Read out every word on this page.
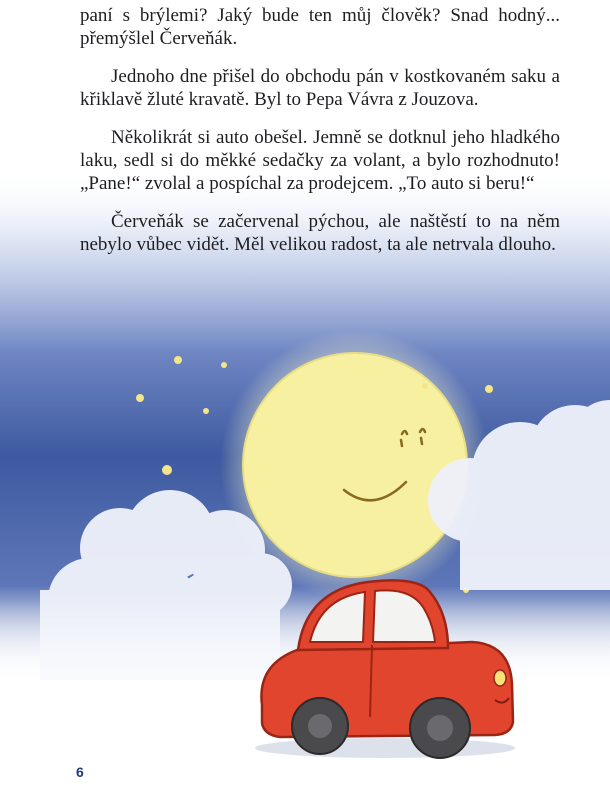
paní s brýlemi? Jaký bude ten můj člověk? Snad hodný... přemýšlel Červeňák.

Jednoho dne přišel do obchodu pán v kostkovaném saku a křiklavě žluté kravatě. Byl to Pepa Vávra z Jouzova.

Několikrát si auto obešel. Jemně se dotknul jeho hladkého laku, sedl si do měkké sedačky za volant, a bylo rozhodnuto! „Pane!“ zvolal a pospíchal za prodejcem. „To auto si beru!“

Červeňák se začervenal pýchou, ale naštěstí to na něm nebylo vůbec vidět. Měl velikou radost, ta ale netrvala dlouho.

6
